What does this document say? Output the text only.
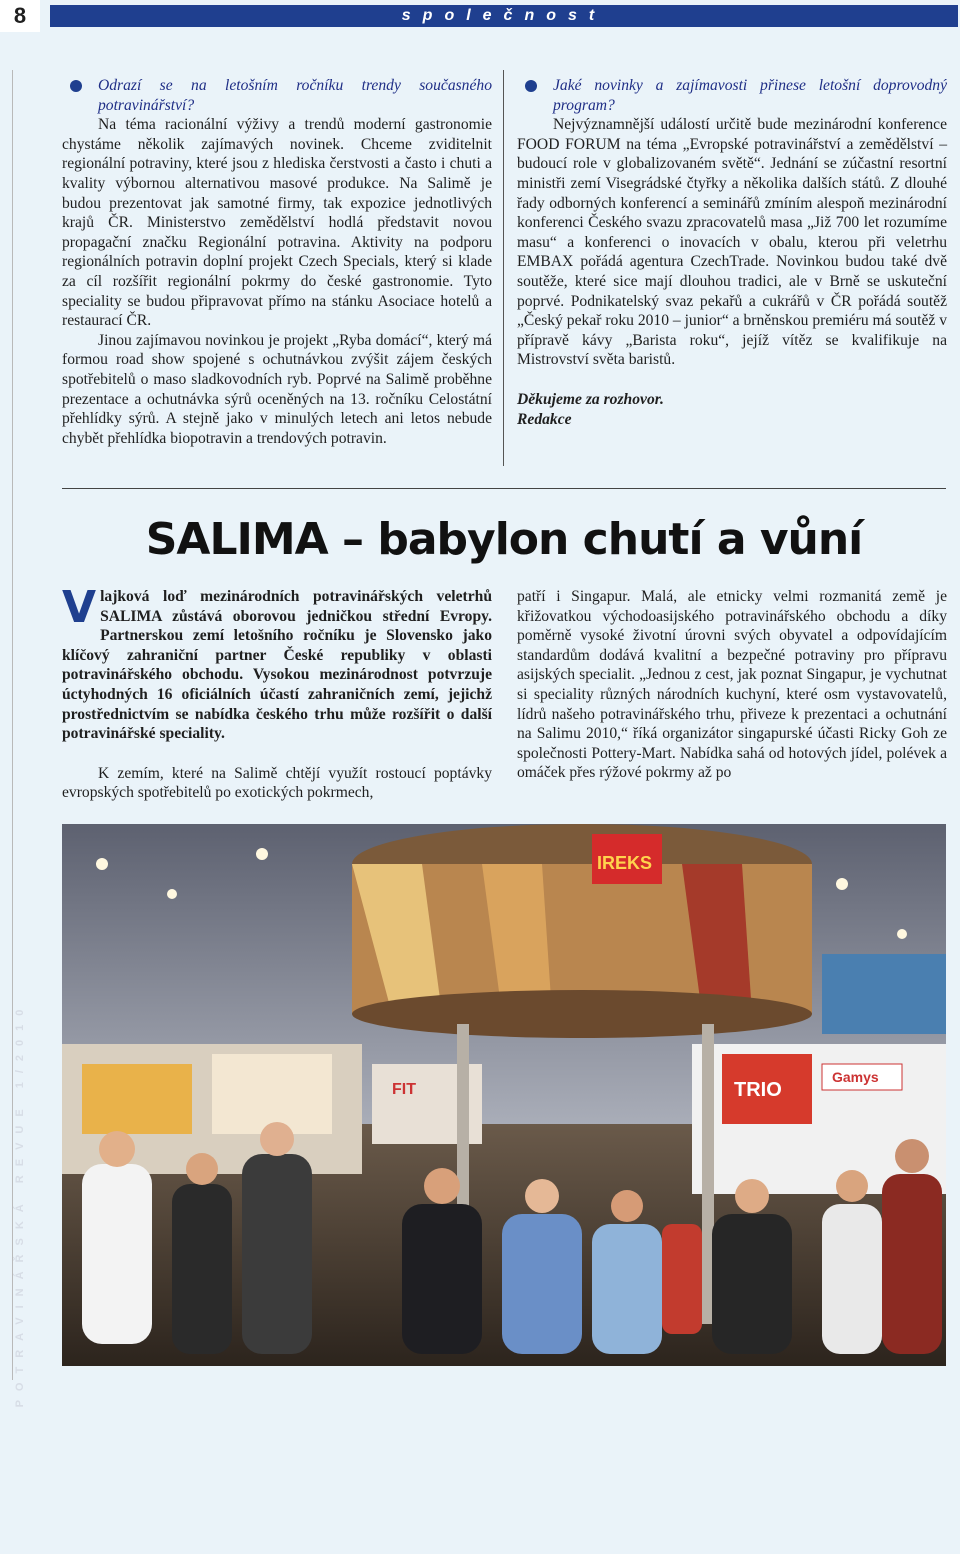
8	společnost
POTRAVINÁŘSKÁ REVUE 1/2010

Odrazí se na letošním ročníku trendy současného potravinářství?

Na téma racionální výživy a trendů moderní gastronomie chystáme několik zajímavých novinek. Chceme zviditelnit regionální potraviny, které jsou z hlediska čerstvosti a často i chuti a kvality výbornou alternativou masové produkce. Na Salimě je budou prezentovat jak samotné firmy, tak expozice jednotlivých krajů ČR. Ministerstvo zemědělství hodlá představit novou propagační značku Regionální potravina. Aktivity na podporu regionálních potravin doplní projekt Czech Specials, který si klade za cíl rozšířit regionální pokrmy do české gastronomie. Tyto speciality se budou připravovat přímo na stánku Asociace hotelů a restaurací ČR.

Jinou zajímavou novinkou je projekt „Ryba domácí“, který má formou road show spojené s ochutnávkou zvýšit zájem českých spotřebitelů o maso sladkovodních ryb. Poprvé na Salimě proběhne prezentace a ochutnávka sýrů oceněných na 13. ročníku Celostátní přehlídky sýrů. A stejně jako v minulých letech ani letos nebude chybět přehlídka biopotravin a trendových potravin.

Jaké novinky a zajímavosti přinese letošní doprovodný program?

Nejvýznamnější událostí určitě bude mezinárodní konference FOOD FORUM na téma „Evropské potravinářství a zemědělství – budoucí role v globalizovaném světě“. Jednání se zúčastní resortní ministři zemí Visegrádské čtyřky a několika dalších států. Z dlouhé řady odborných konferencí a seminářů zmíním alespoň mezinárodní konferenci Českého svazu zpracovatelů masa „Již 700 let rozumíme masu“ a konferenci o inovacích v obalu, kterou při veletrhu EMBAX pořádá agentura CzechTrade. Novinkou budou také dvě soutěže, které sice mají dlouhou tradici, ale v Brně se uskuteční poprvé. Podnikatelský svaz pekařů a cukrářů v ČR pořádá soutěž „Český pekař roku 2010 – junior“ a brněnskou premiéru má soutěž v přípravě kávy „Barista roku“, jejíž vítěz se kvalifikuje na Mistrovství světa baristů.

Děkujeme za rozhovor.

Redakce

SALIMA – babylon chutí a vůní

Vlajková loď mezinárodních potravinářských veletrhů SALIMA zůstává oborovou jedničkou střední Evropy. Partnerskou zemí letošního ročníku je Slovensko jako klíčový zahraniční partner České republiky v oblasti potravinářského obchodu. Vysokou mezinárodnost potvrzuje úctyhodných 16 oficiálních účastí zahraničních zemí, jejichž prostřednictvím se nabídka českého trhu může rozšířit o další potravinářské speciality.

K zemím, které na Salimě chtějí využít rostoucí poptávky evropských spotřebitelů po exotických pokrmech,

patří i Singapur. Malá, ale etnicky velmi rozmanitá země je křižovatkou východoasijského potravinářského obchodu a díky poměrně vysoké životní úrovni svých obyvatel a odpovídajícím standardům dodává kvalitní a bezpečné potraviny pro přípravu asijských specialit. „Jednou z cest, jak poznat Singapur, je vychutnat si speciality různých národních kuchyní, které osm vystavovatelů, lídrů našeho potravinářského trhu, přiveze k prezentaci a ochutnání na Salimu 2010,“ říká organizátor singapurské účasti Ricky Goh ze společnosti Pottery-Mart. Nabídka sahá od hotových jídel, polévek a omáček přes rýžové pokrmy až po

FIT	TRIO
Gamys
IREKS
